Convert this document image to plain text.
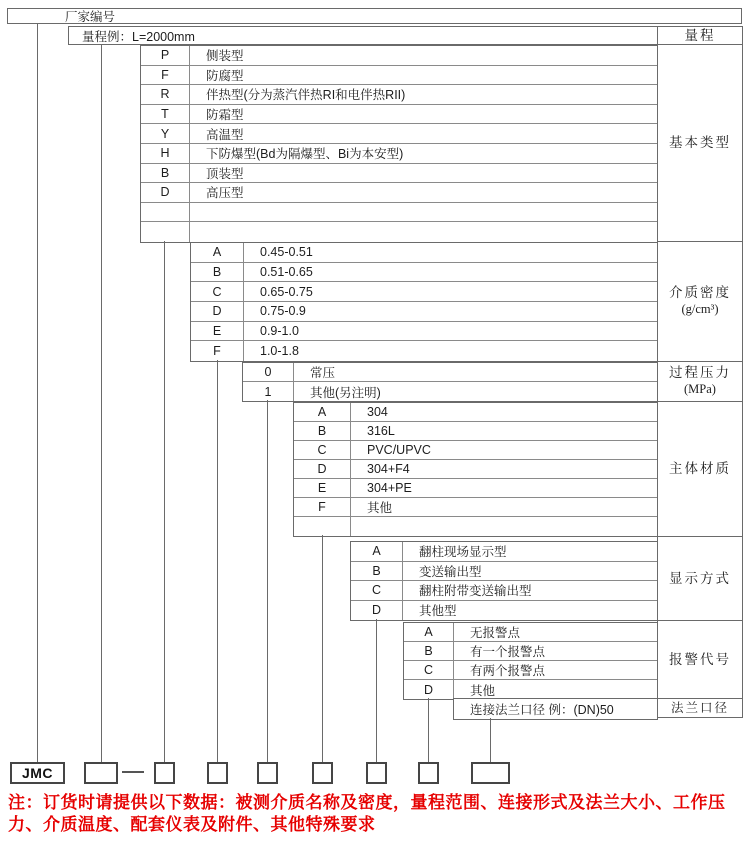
厂家编号
量程例：L=2000mm	量程
基本类型
介质密度
(g/cm³)
过程压力
(MPa)
主体材质
显示方式
报警代号
法兰口径
JMC
注：订货时请提供以下数据：被测介质名称及密度，量程范围、连接形式及法兰大小、工作压力、介质温度、配套仪表及附件、其他特殊要求
P	侧装型
F	防腐型
R	伴热型(分为蒸汽伴热RI和电伴热RII)
T	防霜型
Y	高温型
H	下防爆型(Bd为隔爆型、Bi为本安型)
B	顶装型
D	高压型
A	0.45-0.51
B	0.51-0.65
C	0.65-0.75
D	0.75-0.9
E	0.9-1.0
F	1.0-1.8
0	常压
1	其他(另注明)
A	304
B	316L
C	PVC/UPVC
D	304+F4
E	304+PE
F	其他
A	翻柱现场显示型
B	变送输出型
C	翻柱附带变送输出型
D	其他型
A	无报警点
B	有一个报警点
C	有两个报警点
D	其他
连接法兰口径 例：(DN)50
